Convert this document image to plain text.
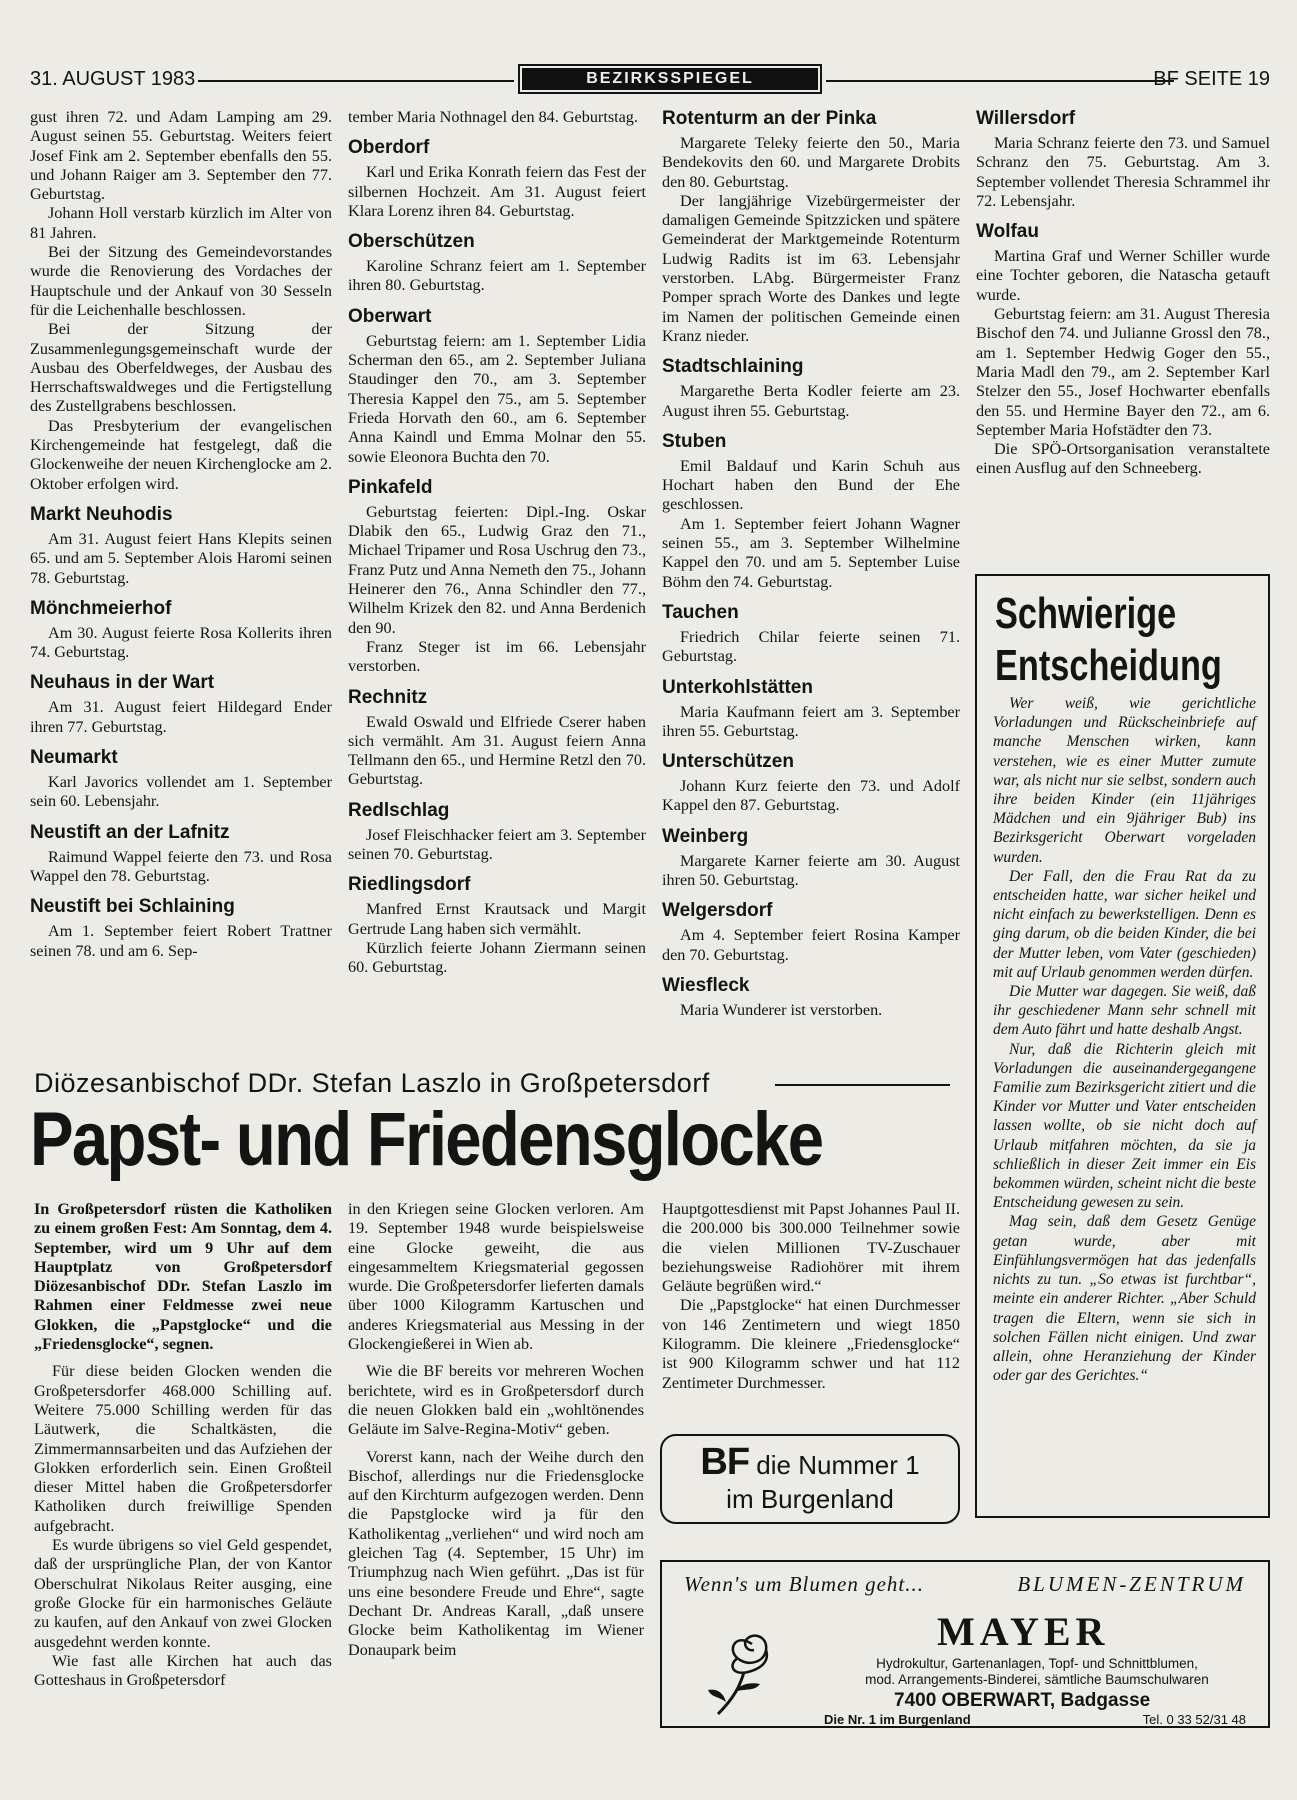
31. AUGUST 1983	BEZIRKSSPIEGEL	BF SEITE 19

gust ihren 72. und Adam Lamping am 29. August seinen 55. Geburtstag. Weiters feiert Josef Fink am 2. September ebenfalls den 55. und Johann Raiger am 3. September den 77. Geburtstag.

Johann Holl verstarb kürzlich im Alter von 81 Jahren.

Bei der Sitzung des Gemeindevorstandes wurde die Renovierung des Vordaches der Hauptschule und der Ankauf von 30 Sesseln für die Leichenhalle beschlossen.

Bei der Sitzung der Zusammenlegungsgemeinschaft wurde der Ausbau des Oberfeldweges, der Ausbau des Herrschaftswaldweges und die Fertigstellung des Zustellgrabens beschlossen.

Das Presbyterium der evangelischen Kirchengemeinde hat festgelegt, daß die Glockenweihe der neuen Kirchenglocke am 2. Oktober erfolgen wird.

Markt Neuhodis

Am 31. August feiert Hans Klepits seinen 65. und am 5. September Alois Haromi seinen 78. Geburtstag.

Mönchmeierhof

Am 30. August feierte Rosa Kollerits ihren 74. Geburtstag.

Neuhaus in der Wart

Am 31. August feiert Hildegard Ender ihren 77. Geburtstag.

Neumarkt

Karl Javorics vollendet am 1. September sein 60. Lebensjahr.

Neustift an der Lafnitz

Raimund Wappel feierte den 73. und Rosa Wappel den 78. Geburtstag.

Neustift bei Schlaining

Am 1. September feiert Robert Trattner seinen 78. und am 6. Sep-

tember Maria Nothnagel den 84. Geburtstag.

Oberdorf

Karl und Erika Konrath feiern das Fest der silbernen Hochzeit. Am 31. August feiert Klara Lorenz ihren 84. Geburtstag.

Oberschützen

Karoline Schranz feiert am 1. September ihren 80. Geburtstag.

Oberwart

Geburtstag feiern: am 1. September Lidia Scherman den 65., am 2. September Juliana Staudinger den 70., am 3. September Theresia Kappel den 75., am 5. September Frieda Horvath den 60., am 6. September Anna Kaindl und Emma Molnar den 55. sowie Eleonora Buchta den 70.

Pinkafeld

Geburtstag feierten: Dipl.-Ing. Oskar Dlabik den 65., Ludwig Graz den 71., Michael Tripamer und Rosa Uschrug den 73., Franz Putz und Anna Nemeth den 75., Johann Heinerer den 76., Anna Schindler den 77., Wilhelm Krizek den 82. und Anna Berdenich den 90.

Franz Steger ist im 66. Lebensjahr verstorben.

Rechnitz

Ewald Oswald und Elfriede Cserer haben sich vermählt. Am 31. August feiern Anna Tellmann den 65., und Hermine Retzl den 70. Geburtstag.

Redlschlag

Josef Fleischhacker feiert am 3. September seinen 70. Geburtstag.

Riedlingsdorf

Manfred Ernst Krautsack und Margit Gertrude Lang haben sich vermählt.

Kürzlich feierte Johann Ziermann seinen 60. Geburtstag.

Rotenturm an der Pinka

Margarete Teleky feierte den 50., Maria Bendekovits den 60. und Margarete Drobits den 80. Geburtstag.

Der langjährige Vizebürgermeister der damaligen Gemeinde Spitzzicken und spätere Gemeinderat der Marktgemeinde Rotenturm Ludwig Radits ist im 63. Lebensjahr verstorben. LAbg. Bürgermeister Franz Pomper sprach Worte des Dankes und legte im Namen der politischen Gemeinde einen Kranz nieder.

Stadtschlaining

Margarethe Berta Kodler feierte am 23. August ihren 55. Geburtstag.

Stuben

Emil Baldauf und Karin Schuh aus Hochart haben den Bund der Ehe geschlossen.

Am 1. September feiert Johann Wagner seinen 55., am 3. September Wilhelmine Kappel den 70. und am 5. September Luise Böhm den 74. Geburtstag.

Tauchen

Friedrich Chilar feierte seinen 71. Geburtstag.

Unterkohlstätten

Maria Kaufmann feiert am 3. September ihren 55. Geburtstag.

Unterschützen

Johann Kurz feierte den 73. und Adolf Kappel den 87. Geburtstag.

Weinberg

Margarete Karner feierte am 30. August ihren 50. Geburtstag.

Welgersdorf

Am 4. September feiert Rosina Kamper den 70. Geburtstag.

Wiesfleck

Maria Wunderer ist verstorben.

Willersdorf

Maria Schranz feierte den 73. und Samuel Schranz den 75. Geburtstag. Am 3. September vollendet Theresia Schrammel ihr 72. Lebensjahr.

Wolfau

Martina Graf und Werner Schiller wurde eine Tochter geboren, die Natascha getauft wurde.

Geburtstag feiern: am 31. August Theresia Bischof den 74. und Julianne Grossl den 78., am 1. September Hedwig Goger den 55., Maria Madl den 79., am 2. September Karl Stelzer den 55., Josef Hochwarter ebenfalls den 55. und Hermine Bayer den 72., am 6. September Maria Hofstädter den 73.

Die SPÖ-Ortsorganisation veranstaltete einen Ausflug auf den Schneeberg.

Schwierige
Entscheidung

Wer weiß, wie gerichtliche Vorladungen und Rückscheinbriefe auf manche Menschen wirken, kann verstehen, wie es einer Mutter zumute war, als nicht nur sie selbst, sondern auch ihre beiden Kinder (ein 11jähriges Mädchen und ein 9jähriger Bub) ins Bezirksgericht Oberwart vorgeladen wurden.

Der Fall, den die Frau Rat da zu entscheiden hatte, war sicher heikel und nicht einfach zu bewerkstelligen. Denn es ging darum, ob die beiden Kinder, die bei der Mutter leben, vom Vater (geschieden) mit auf Urlaub genommen werden dürfen.

Die Mutter war dagegen. Sie weiß, daß ihr geschiedener Mann sehr schnell mit dem Auto fährt und hatte deshalb Angst.

Nur, daß die Richterin gleich mit Vorladungen die auseinandergegangene Familie zum Bezirksgericht zitiert und die Kinder vor Mutter und Vater entscheiden lassen wollte, ob sie nicht doch auf Urlaub mitfahren möchten, da sie ja schließlich in dieser Zeit immer ein Eis bekommen würden, scheint nicht die beste Entscheidung gewesen zu sein.

Mag sein, daß dem Gesetz Genüge getan wurde, aber mit Einfühlungsvermögen hat das jedenfalls nichts zu tun. „So etwas ist furchtbar“, meinte ein anderer Richter. „Aber Schuld tragen die Eltern, wenn sie sich in solchen Fällen nicht einigen. Und zwar allein, ohne Heranziehung der Kinder oder gar des Gerichtes.“

Diözesanbischof DDr. Stefan Laszlo in Großpetersdorf
Papst- und Friedensglocke

In Großpetersdorf rüsten die Katholiken zu einem großen Fest: Am Sonntag, dem 4. September, wird um 9 Uhr auf dem Hauptplatz von Großpetersdorf Diözesanbischof DDr. Stefan Laszlo im Rahmen einer Feldmesse zwei neue Glokken, die „Papstglocke“ und die „Friedensglocke“, segnen.

Für diese beiden Glocken wenden die Großpetersdorfer 468.000 Schilling auf. Weitere 75.000 Schilling werden für das Läutwerk, die Schaltkästen, die Zimmermannsarbeiten und das Aufziehen der Glokken erforderlich sein. Einen Großteil dieser Mittel haben die Großpetersdorfer Katholiken durch freiwillige Spenden aufgebracht.

Es wurde übrigens so viel Geld gespendet, daß der ursprüngliche Plan, der von Kantor Oberschulrat Nikolaus Reiter ausging, eine große Glocke für ein harmonisches Geläute zu kaufen, auf den Ankauf von zwei Glocken ausgedehnt werden konnte.

Wie fast alle Kirchen hat auch das Gotteshaus in Großpetersdorf

in den Kriegen seine Glocken verloren. Am 19. September 1948 wurde beispielsweise eine Glocke geweiht, die aus eingesammeltem Kriegsmaterial gegossen wurde. Die Großpetersdorfer lieferten damals über 1000 Kilogramm Kartuschen und anderes Kriegsmaterial aus Messing in der Glockengießerei in Wien ab.

Wie die BF bereits vor mehreren Wochen berichtete, wird es in Großpetersdorf durch die neuen Glokken bald ein „wohltönendes Geläute im Salve-Regina-Motiv“ geben.

Vorerst kann, nach der Weihe durch den Bischof, allerdings nur die Friedensglocke auf den Kirchturm aufgezogen werden. Denn die Papstglocke wird ja für den Katholikentag „verliehen“ und wird noch am gleichen Tag (4. September, 15 Uhr) im Triumphzug nach Wien geführt. „Das ist für uns eine besondere Freude und Ehre“, sagte Dechant Dr. Andreas Karall, „daß unsere Glocke beim Katholikentag im Wiener Donaupark beim

Hauptgottesdienst mit Papst Johannes Paul II. die 200.000 bis 300.000 Teilnehmer sowie die vielen Millionen TV-Zuschauer beziehungsweise Radiohörer mit ihrem Geläute begrüßen wird.“

Die „Papstglocke“ hat einen Durchmesser von 146 Zentimetern und wiegt 1850 Kilogramm. Die kleinere „Friedensglocke“ ist 900 Kilogramm schwer und hat 112 Zentimeter Durchmesser.

BF die Nummer 1
im Burgenland
Wenn's um Blumen geht...	BLUMEN-ZENTRUM
MAYER
Hydrokultur, Gartenanlagen, Topf- und Schnittblumen,
mod. Arrangements-Binderei, sämtliche Baumschulwaren
7400 OBERWART, Badgasse
Die Nr. 1 im Burgenland	Tel. 0 33 52/31 48
